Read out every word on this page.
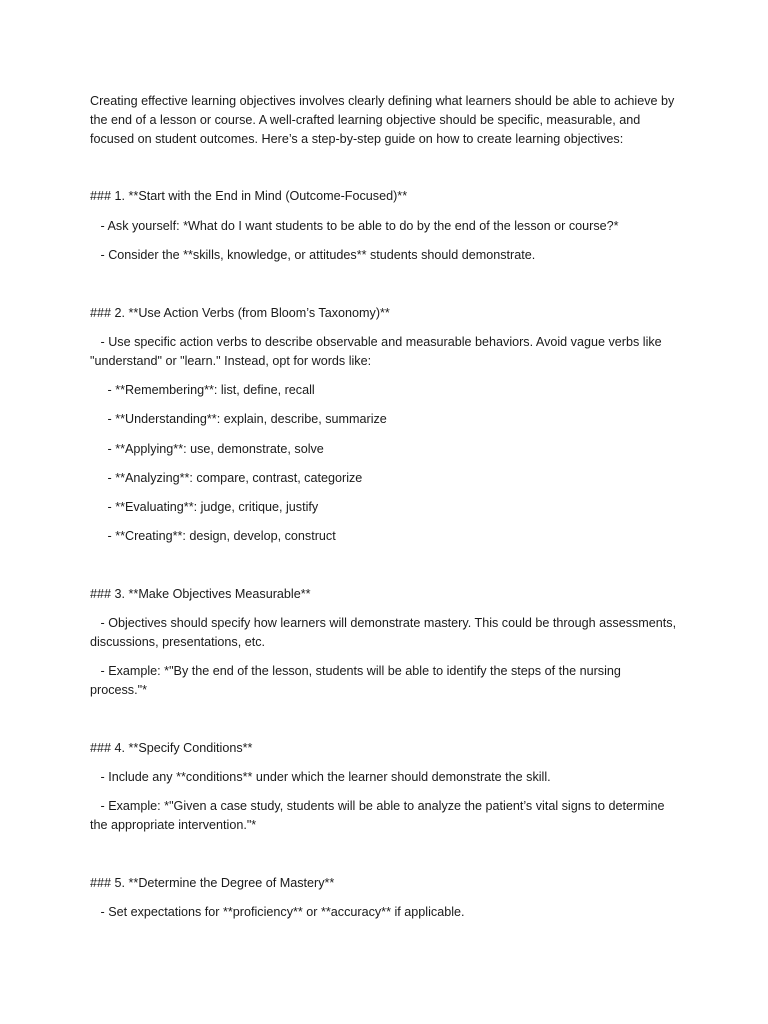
Creating effective learning objectives involves clearly defining what learners should be able to achieve by
the end of a lesson or course. A well-crafted learning objective should be specific, measurable, and
focused on student outcomes. Here’s a step-by-step guide on how to create learning objectives:
### 1. **Start with the End in Mind (Outcome-Focused)**
- Ask yourself: *What do I want students to be able to do by the end of the lesson or course?*
- Consider the **skills, knowledge, or attitudes** students should demonstrate.
### 2. **Use Action Verbs (from Bloom’s Taxonomy)**
- Use specific action verbs to describe observable and measurable behaviors. Avoid vague verbs like
"understand" or "learn." Instead, opt for words like:
- **Remembering**: list, define, recall
- **Understanding**: explain, describe, summarize
- **Applying**: use, demonstrate, solve
- **Analyzing**: compare, contrast, categorize
- **Evaluating**: judge, critique, justify
- **Creating**: design, develop, construct
### 3. **Make Objectives Measurable**
- Objectives should specify how learners will demonstrate mastery. This could be through assessments,
discussions, presentations, etc.
- Example: *"By the end of the lesson, students will be able to identify the steps of the nursing
process."*
### 4. **Specify Conditions**
- Include any **conditions** under which the learner should demonstrate the skill.
- Example: *"Given a case study, students will be able to analyze the patient’s vital signs to determine
the appropriate intervention."*
### 5. **Determine the Degree of Mastery**
- Set expectations for **proficiency** or **accuracy** if applicable.
